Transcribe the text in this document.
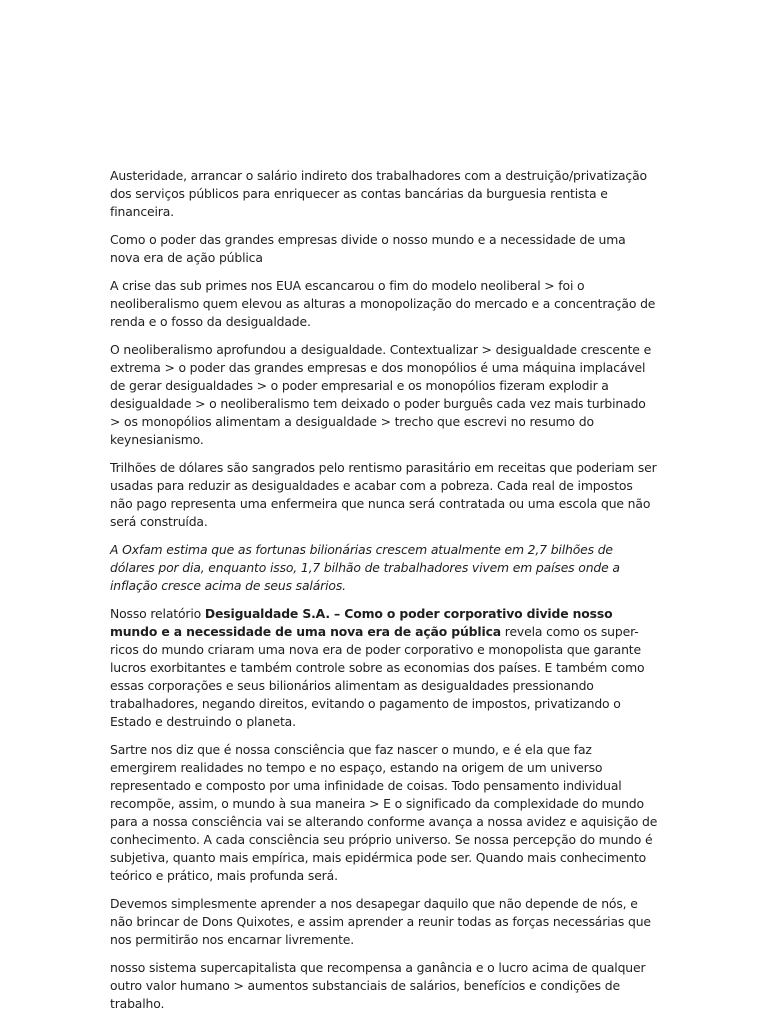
Austeridade, arrancar o salário indireto dos trabalhadores com a destruição/privatização dos serviços públicos para enriquecer as contas bancárias da burguesia rentista e financeira.

Como o poder das grandes empresas divide o nosso mundo e a necessidade de uma nova era de ação pública

A crise das sub primes nos EUA escancarou o fim do modelo neoliberal > foi o neoliberalismo quem elevou as alturas a monopolização do mercado e a concentração de renda e o fosso da desigualdade.

O neoliberalismo aprofundou a desigualdade. Contextualizar > desigualdade crescente e extrema > o poder das grandes empresas e dos monopólios é uma máquina implacável de gerar desigualdades > o poder empresarial e os monopólios fizeram explodir a desigualdade > o neoliberalismo tem deixado o poder burguês cada vez mais turbinado > os monopólios alimentam a desigualdade > trecho que escrevi no resumo do keynesianismo.

Trilhões de dólares são sangrados pelo rentismo parasitário em receitas que poderiam ser usadas para reduzir as desigualdades e acabar com a pobreza. Cada real de impostos não pago representa uma enfermeira que nunca será contratada ou uma escola que não será construída.

A Oxfam estima que as fortunas bilionárias crescem atualmente em 2,7 bilhões de dólares por dia, enquanto isso, 1,7 bilhão de trabalhadores vivem em países onde a inflação cresce acima de seus salários.

Nosso relatório Desigualdade S.A. – Como o poder corporativo divide nosso mundo e a necessidade de uma nova era de ação pública revela como os super-ricos do mundo criaram uma nova era de poder corporativo e monopolista que garante lucros exorbitantes e também controle sobre as economias dos países. E também como essas corporações e seus bilionários alimentam as desigualdades pressionando trabalhadores, negando direitos, evitando o pagamento de impostos, privatizando o Estado e destruindo o planeta.

Sartre nos diz que é nossa consciência que faz nascer o mundo, e é ela que faz emergirem realidades no tempo e no espaço, estando na origem de um universo representado e composto por uma infinidade de coisas. Todo pensamento individual recompõe, assim, o mundo à sua maneira > E o significado da complexidade do mundo para a nossa consciência vai se alterando conforme avança a nossa avidez e aquisição de conhecimento. A cada consciência seu próprio universo. Se nossa percepção do mundo é subjetiva, quanto mais empírica, mais epidérmica pode ser. Quando mais conhecimento teórico e prático, mais profunda será.

Devemos simplesmente aprender a nos desapegar daquilo que não depende de nós, e não brincar de Dons Quixotes, e assim aprender a reunir todas as forças necessárias que nos permitirão nos encarnar livremente.

nosso sistema supercapitalista que recompensa a ganância e o lucro acima de qualquer outro valor humano > aumentos substanciais de salários, benefícios e condições de trabalho.
